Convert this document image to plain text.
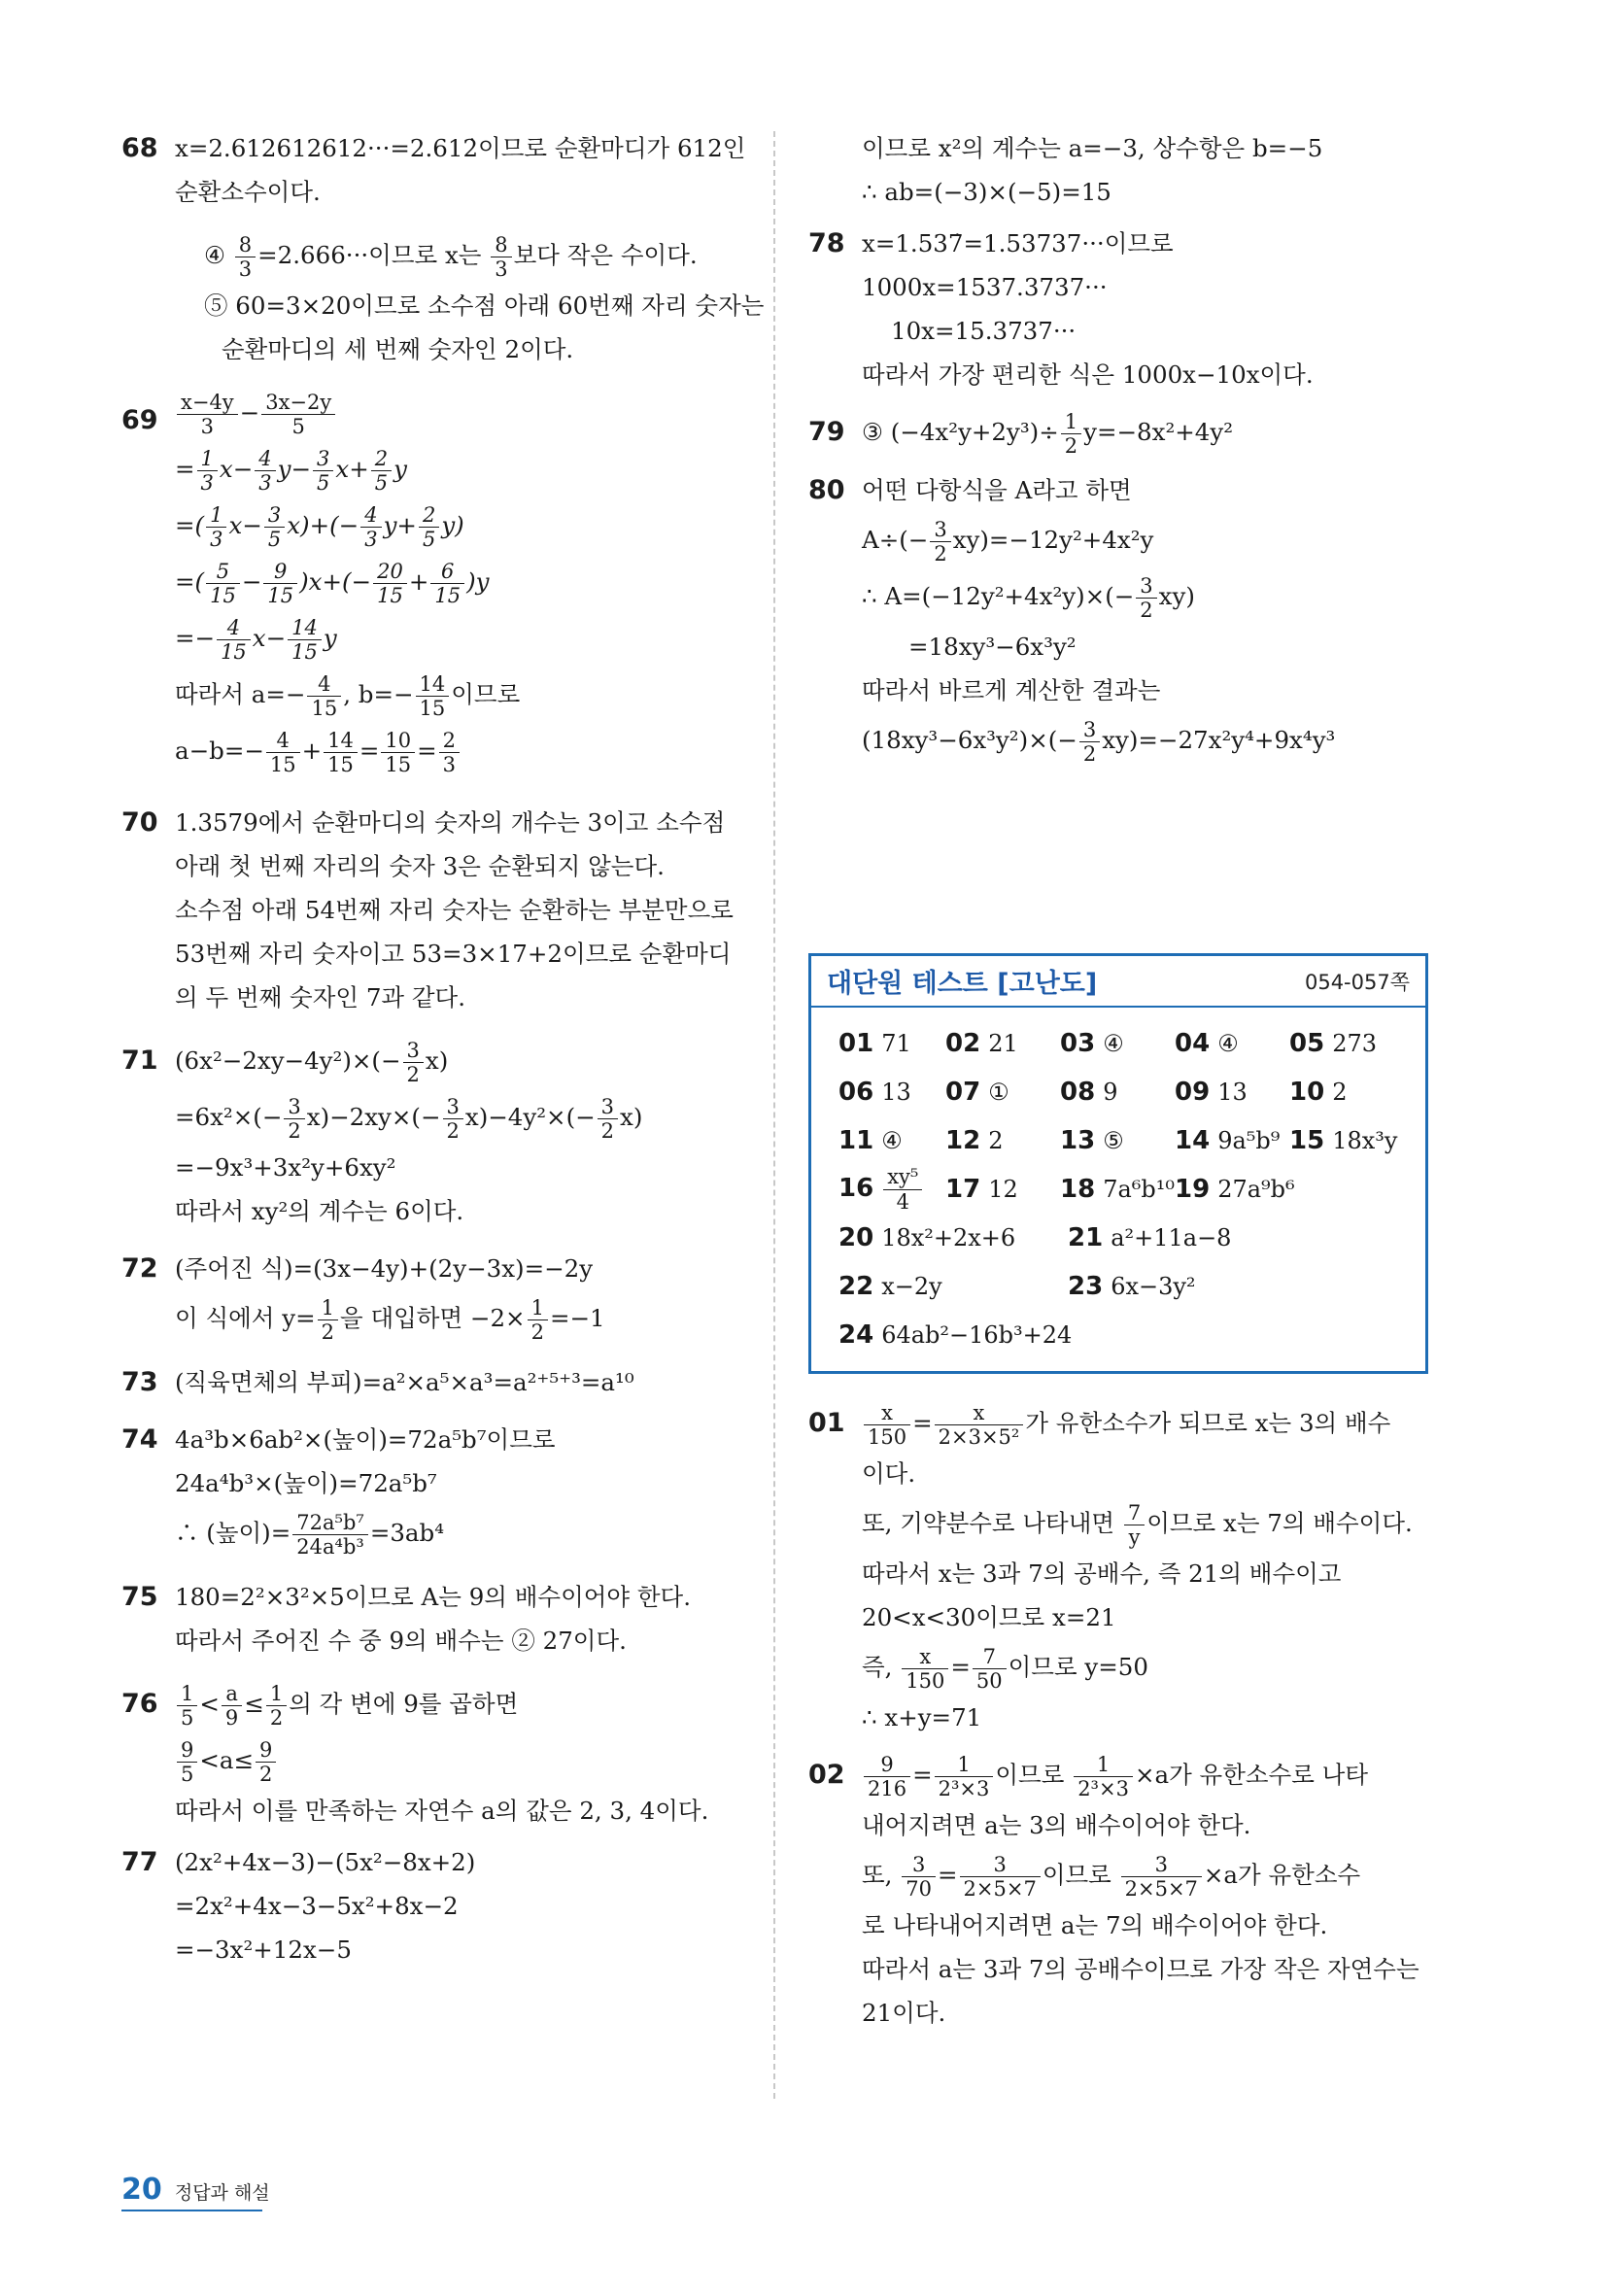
68 x=2.612612612···=2.612̇이므로 순환마디가 612인
순환소수이다.
④ $\frac{8}{3} =2.666\cdot\cdot\cdot$이므로 x는 $\frac{8}{3}$ 보다 작은 수이다.
⑤ 60=3×20이므로 소수점 아래 60번째 자리 숫자는
순환마디의 세 번째 숫자인 2이다.
$69 \frac{x-4y}{3} - \frac{3x-2y}{5}$
= $\frac{1}{3} x- \frac{4}{3} y- \frac{3}{5} x+ \frac{2}{5}$ y
=( $\frac{1}{3} x- \frac{3}{5} x)+(- \frac{4}{3} y+ \frac{2}{5} y)$
=( $\frac{5}{15} - \frac{9}{15} )x+(- \frac{20}{15} + \frac{6}{15} )y$
=− $\frac{4}{15} x- \frac{14}{15}$ y
따라서 $a=- \frac{4}{15}$ , $b=- \frac{14}{15}$ 이므로
$a-b=- \frac{4}{15} + \frac{14}{15} = \frac{10}{15} = \frac{2}{3}$
70 1.3579에서 순환마디의 숫자의 개수는 3이고 소수점
아래 첫 번째 자리의 숫자 3은 순환되지 않는다.
소수점 아래 54번째 자리 숫자는 순환하는 부분만으로
53번째 자리 숫자이고 53=3×17+2이므로 순환마디
의 두 번째 숫자인 7과 같다.
71 $(6x^2-2xy-4y^2)\times(- \frac{3}{2} x)$
$=6x^2\times(- \frac{3}{2} x)-2xy\times(- \frac{3}{2} x)-4y^2\times(- \frac{3}{2} x)$
=−9x³+3x²y+6xy²
따라서 xy²의 계수는 6이다.
72 (주어진 식)=(3x−4y)+(2y−3x)=−2y
이 식에서 $y= \frac{1}{2}$ 을 대입하면 $-2\times \frac{1}{2} =-1$
73 (직육면체의 부피)=a²×a⁵×a³=a²⁺⁵⁺³=a¹⁰
74 4a³b×6ab²×(높이)=72a⁵b⁷이므로
24a⁴b³×(높이)=72a⁵b⁷
∴ (높이)= $\frac{\text{72a⁵b⁷}}{\text{24a⁴b³}} =3ab^4$
75 180=2²×3²×5이므로 A는 9의 배수이어야 한다.
따라서 주어진 수 중 9의 배수는 ② 27이다.
$76 \frac{1}{5} < \frac{a}{9} \le \frac{1}{2}$ 의 각 변에 9를 곱하면
$\frac{9}{5} <a\le \frac{9}{2}$
따라서 이를 만족하는 자연수 a의 값은 2, 3, 4이다.
77 (2x²+4x−3)−(5x²−8x+2)
=2x²+4x−3−5x²+8x−2
=−3x²+12x−5
이므로 x²의 계수는 a=−3, 상수항은 b=−5
∴ ab=(−3)×(−5)=15
78 x=1.537̇=1.53737···이므로
1000x=1537.3737···
10x=15.3737···
따라서 가장 편리한 식은 1000x−10x이다.
79 ③ $(-4x^2y+2y^3)\div \frac{1}{2} y=-8x^2+4y^2$
80 어떤 다항식을 A라고 하면
$A\div(- \frac{3}{2} xy)=-12y^2+4x^2y$
∴ $A=(-12y^2+4x^2y)\times(- \frac{3}{2} xy)$
=18xy³−6x³y²
따라서 바르게 계산한 결과는
$(18xy^3-6x^3y^2)\times(- \frac{3}{2} xy)=-27x^2y^4+9x^4y^3$
대단원 테스트 [고난도]	054-057쪽
01 71	02 21	03 ④	04 ④	05 273
06 13	07 ①	08 9	09 13	10 2
11 ④	12 2	13 ⑤	14 9a⁵b⁹ 15 18x³y
$16 \frac{\text{xy⁵}}{4} 17$ 12	18 7a⁶b¹⁰ 19 27a⁹b⁶
20 18x²+2x+6	21 a²+11a−8
22 x−2y	23 6x−3y²
24 64ab²−16b³+24
$01 \frac{x}{150} = \frac{x}{\text{2×3×5²}}$ 가 유한소수가 되므로 x는 3의 배수
이다.
또, 기약분수로 나타내면 $\frac{7}{y}$ 이므로 x는 7의 배수이다.
따라서 x는 3과 7의 공배수, 즉 21의 배수이고
20<x<30이므로 x=21
즉, $\frac{x}{150} = \frac{7}{50}$ 이므로 y=50
∴ x+y=71
$02 \frac{9}{216} = \frac{1}{\text{2³×3}}$ 이므로 $\frac{1}{\text{2³×3}} \times a$가 유한소수로 나타
내어지려면 a는 3의 배수이어야 한다.
또, $\frac{3}{70} = \frac{3}{2\times 5\times 7}$ 이므로 $\frac{3}{2\times 5\times 7} \times a$가 유한소수
로 나타내어지려면 a는 7의 배수이어야 한다.
따라서 a는 3과 7의 공배수이므로 가장 작은 자연수는
21이다.
20 정답과 해설
